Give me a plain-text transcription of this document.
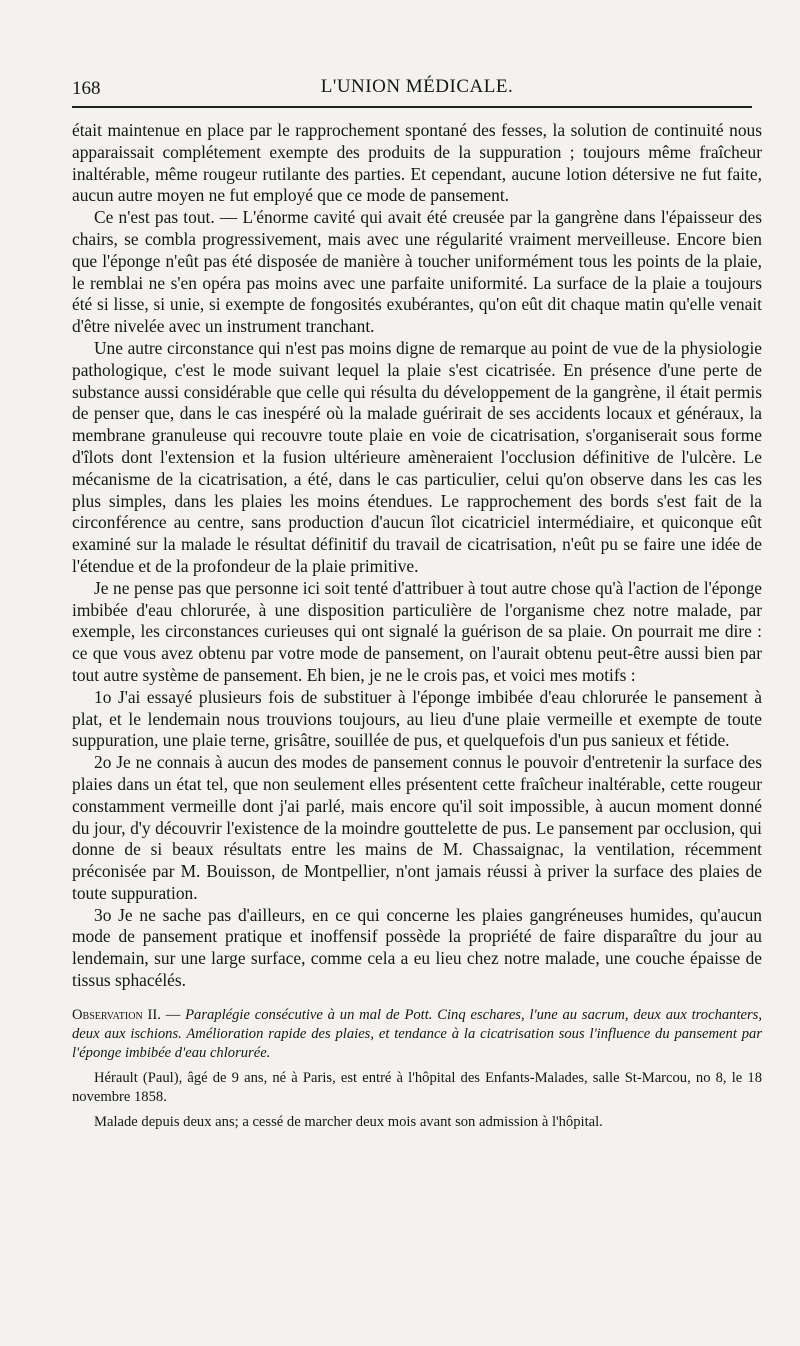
168	L'UNION MÉDICALE.

était maintenue en place par le rapprochement spontané des fesses, la solution de continuité nous apparaissait complétement exempte des produits de la suppuration ; toujours même fraîcheur inaltérable, même rougeur rutilante des parties. Et cependant, aucune lotion détersive ne fut faite, aucun autre moyen ne fut employé que ce mode de pansement.

Ce n'est pas tout. — L'énorme cavité qui avait été creusée par la gangrène dans l'épaisseur des chairs, se combla progressivement, mais avec une régularité vraiment merveilleuse. Encore bien que l'éponge n'eût pas été disposée de manière à toucher uniformément tous les points de la plaie, le remblai ne s'en opéra pas moins avec une parfaite uniformité. La surface de la plaie a toujours été si lisse, si unie, si exempte de fongosités exubérantes, qu'on eût dit chaque matin qu'elle venait d'être nivelée avec un instrument tranchant.

Une autre circonstance qui n'est pas moins digne de remarque au point de vue de la physiologie pathologique, c'est le mode suivant lequel la plaie s'est cicatrisée. En présence d'une perte de substance aussi considérable que celle qui résulta du développement de la gangrène, il était permis de penser que, dans le cas inespéré où la malade guérirait de ses accidents locaux et généraux, la membrane granuleuse qui recouvre toute plaie en voie de cicatrisation, s'organiserait sous forme d'îlots dont l'extension et la fusion ultérieure amèneraient l'occlusion définitive de l'ulcère. Le mécanisme de la cicatrisation, a été, dans le cas particulier, celui qu'on observe dans les cas les plus simples, dans les plaies les moins étendues. Le rapprochement des bords s'est fait de la circonférence au centre, sans production d'aucun îlot cicatriciel intermédiaire, et quiconque eût examiné sur la malade le résultat définitif du travail de cicatrisation, n'eût pu se faire une idée de l'étendue et de la profondeur de la plaie primitive.

Je ne pense pas que personne ici soit tenté d'attribuer à tout autre chose qu'à l'action de l'éponge imbibée d'eau chlorurée, à une disposition particulière de l'organisme chez notre malade, par exemple, les circonstances curieuses qui ont signalé la guérison de sa plaie. On pourrait me dire : ce que vous avez obtenu par votre mode de pansement, on l'aurait obtenu peut-être aussi bien par tout autre système de pansement. Eh bien, je ne le crois pas, et voici mes motifs :

1o J'ai essayé plusieurs fois de substituer à l'éponge imbibée d'eau chlorurée le pansement à plat, et le lendemain nous trouvions toujours, au lieu d'une plaie vermeille et exempte de toute suppuration, une plaie terne, grisâtre, souillée de pus, et quelquefois d'un pus sanieux et fétide.

2o Je ne connais à aucun des modes de pansement connus le pouvoir d'entretenir la surface des plaies dans un état tel, que non seulement elles présentent cette fraîcheur inaltérable, cette rougeur constamment vermeille dont j'ai parlé, mais encore qu'il soit impossible, à aucun moment donné du jour, d'y découvrir l'existence de la moindre gouttelette de pus. Le pansement par occlusion, qui donne de si beaux résultats entre les mains de M. Chassaignac, la ventilation, récemment préconisée par M. Bouisson, de Montpellier, n'ont jamais réussi à priver la surface des plaies de toute suppuration.

3o Je ne sache pas d'ailleurs, en ce qui concerne les plaies gangréneuses humides, qu'aucun mode de pansement pratique et inoffensif possède la propriété de faire disparaître du jour au lendemain, sur une large surface, comme cela a eu lieu chez notre malade, une couche épaisse de tissus sphacélés.

Observation II. — Paraplégie consécutive à un mal de Pott. Cinq eschares, l'une au sacrum, deux aux trochanters, deux aux ischions. Amélioration rapide des plaies, et tendance à la cicatrisation sous l'influence du pansement par l'éponge imbibée d'eau chlorurée.

Hérault (Paul), âgé de 9 ans, né à Paris, est entré à l'hôpital des Enfants-Malades, salle St-Marcou, no 8, le 18 novembre 1858.

Malade depuis deux ans; a cessé de marcher deux mois avant son admission à l'hôpital.
